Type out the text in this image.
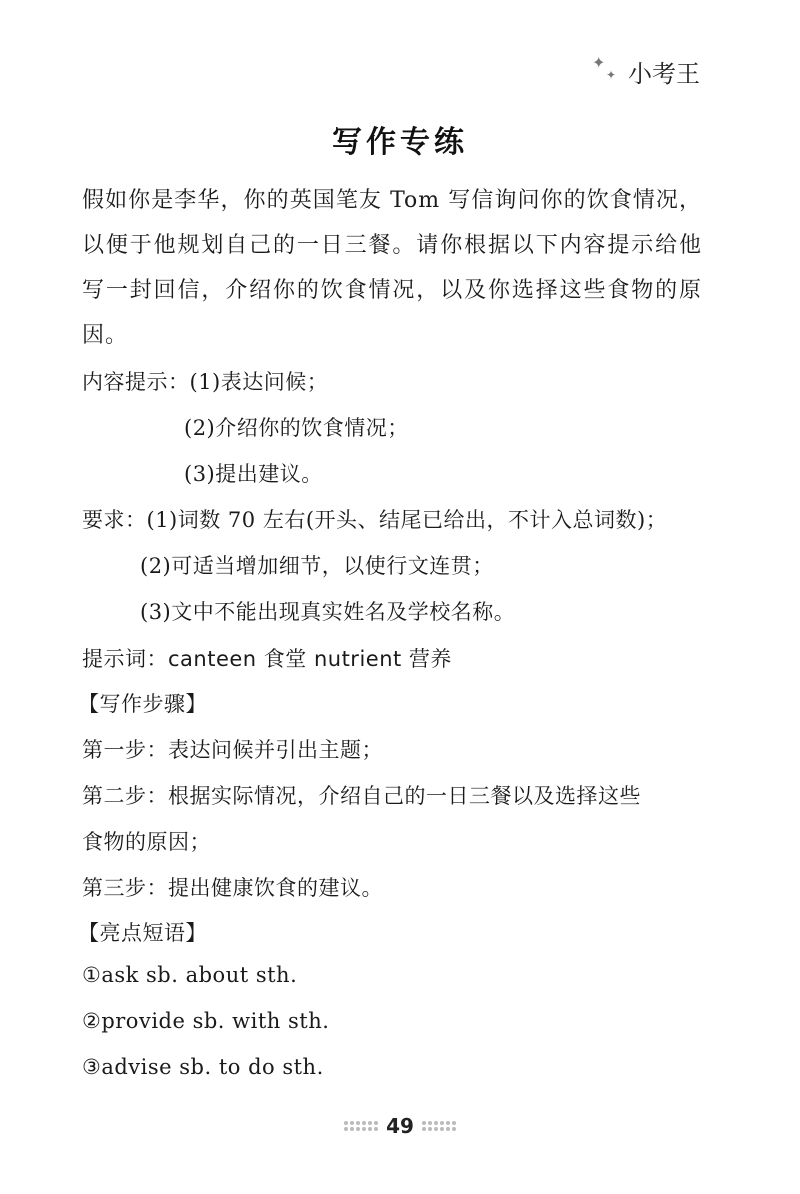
✦
✦ 小考王
写作专练
假如你是李华，你的英国笔友 Tom 写信询问你的饮食情况，以便于他规划自己的一日三餐。请你根据以下内容提示给他写一封回信，介绍你的饮食情况，以及你选择这些食物的原因。
内容提示：(1)表达问候；
(2)介绍你的饮食情况；
(3)提出建议。
要求：(1)词数 70 左右(开头、结尾已给出，不计入总词数)；
(2)可适当增加细节，以使行文连贯；
(3)文中不能出现真实姓名及学校名称。
提示词：canteen 食堂 nutrient 营养
【写作步骤】
第一步：表达问候并引出主题；
第二步：根据实际情况，介绍自己的一日三餐以及选择这些
食物的原因；
第三步：提出健康饮食的建议。
【亮点短语】
①ask sb. about sth.
②provide sb. with sth.
③advise sb. to do sth.
49
